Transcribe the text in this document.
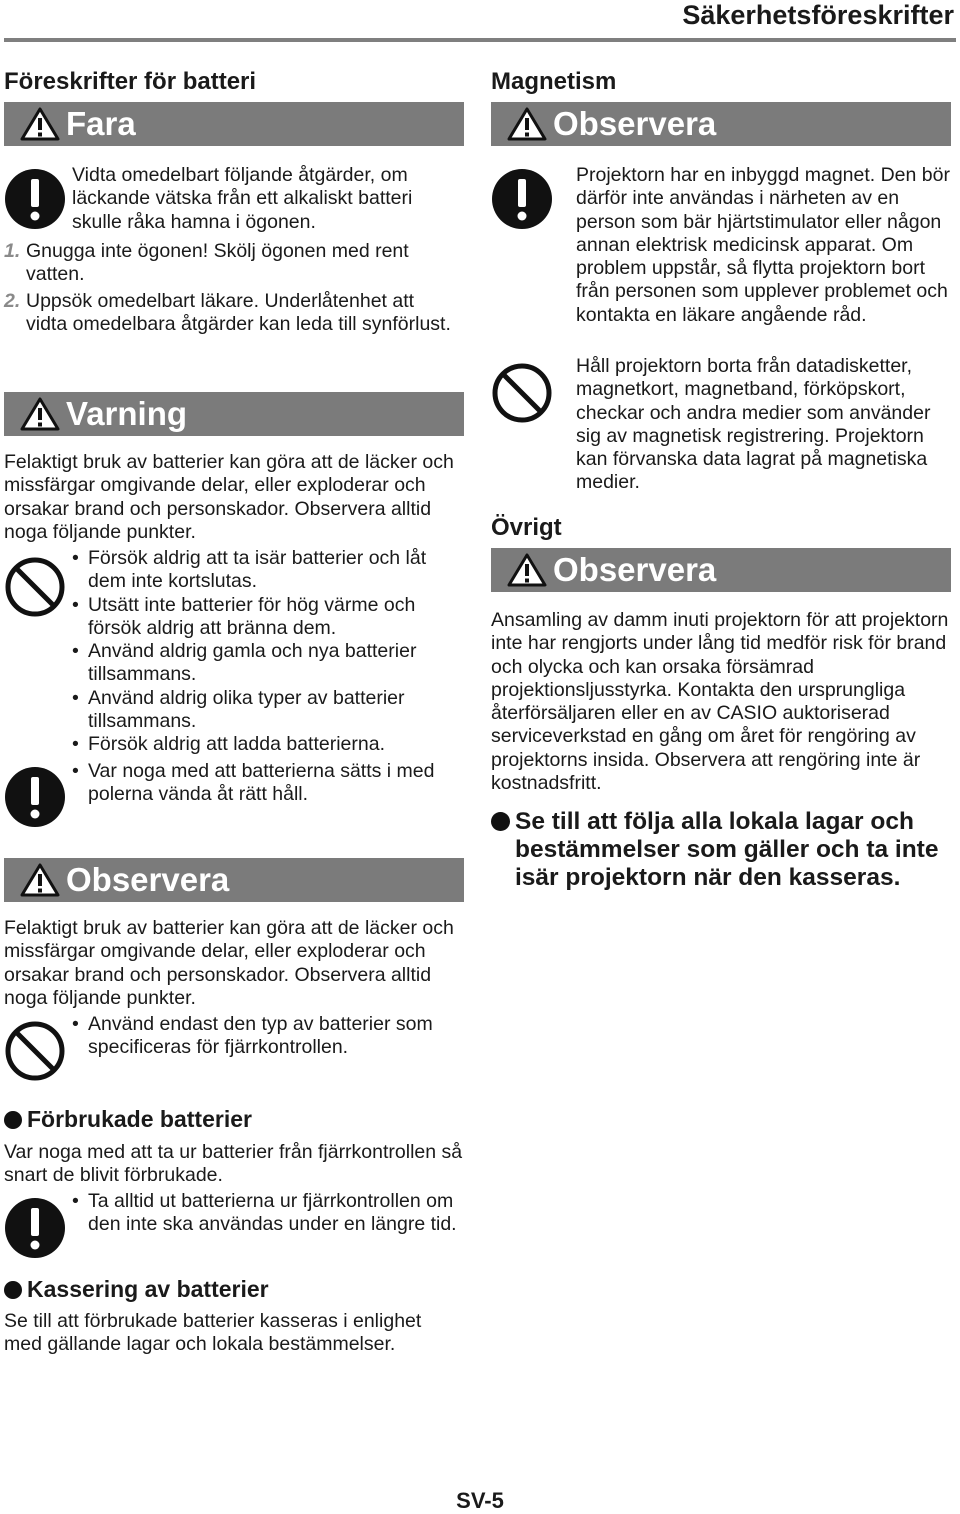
Säkerhetsföreskrifter
Föreskrifter för batteri
Fara
Vidta omedelbart följande åtgärder, om läckande vätska från ett alkaliskt batteri skulle råka hamna i ögonen.
1. Gnugga inte ögonen! Skölj ögonen med rent vatten.
2. Uppsök omedelbart läkare. Underlåtenhet att vidta omedelbara åtgärder kan leda till synförlust.
Varning
Felaktigt bruk av batterier kan göra att de läcker och missfärgar omgivande delar, eller exploderar och orsakar brand och personskador. Observera alltid noga följande punkter.
• Försök aldrig att ta isär batterier och låt dem inte kortslutas.
• Utsätt inte batterier för hög värme och försök aldrig att bränna dem.
• Använd aldrig gamla och nya batterier tillsammans.
• Använd aldrig olika typer av batterier tillsammans.
• Försök aldrig att ladda batterierna.
• Var noga med att batterierna sätts i med polerna vända åt rätt håll.
Observera
Felaktigt bruk av batterier kan göra att de läcker och missfärgar omgivande delar, eller exploderar och orsakar brand och personskador. Observera alltid noga följande punkter.
• Använd endast den typ av batterier som specificeras för fjärrkontrollen.
Förbrukade batterier
Var noga med att ta ur batterier från fjärrkontrollen så snart de blivit förbrukade.
• Ta alltid ut batterierna ur fjärrkontrollen om den inte ska användas under en längre tid.
Kassering av batterier
Se till att förbrukade batterier kasseras i enlighet med gällande lagar och lokala bestämmelser.
Magnetism
Observera
Projektorn har en inbyggd magnet. Den bör därför inte användas i närheten av en person som bär hjärtstimulator eller någon annan elektrisk medicinsk apparat. Om problem uppstår, så flytta projektorn bort från personen som upplever problemet och kontakta en läkare angående råd.
Håll projektorn borta från datadisketter, magnetkort, magnetband, förköpskort, checkar och andra medier som använder sig av magnetisk registrering. Projektorn kan förvanska data lagrat på magnetiska medier.
Övrigt
Observera
Ansamling av damm inuti projektorn för att projektorn inte har rengjorts under lång tid medför risk för brand och olycka och kan orsaka försämrad projektionsljusstyrka. Kontakta den ursprungliga återförsäljaren eller en av CASIO auktoriserad serviceverkstad en gång om året för rengöring av projektorns insida. Observera att rengöring inte är kostnadsfritt.
Se till att följa alla lokala lagar och bestämmelser som gäller och ta inte isär projektorn när den kasseras.
SV-5
